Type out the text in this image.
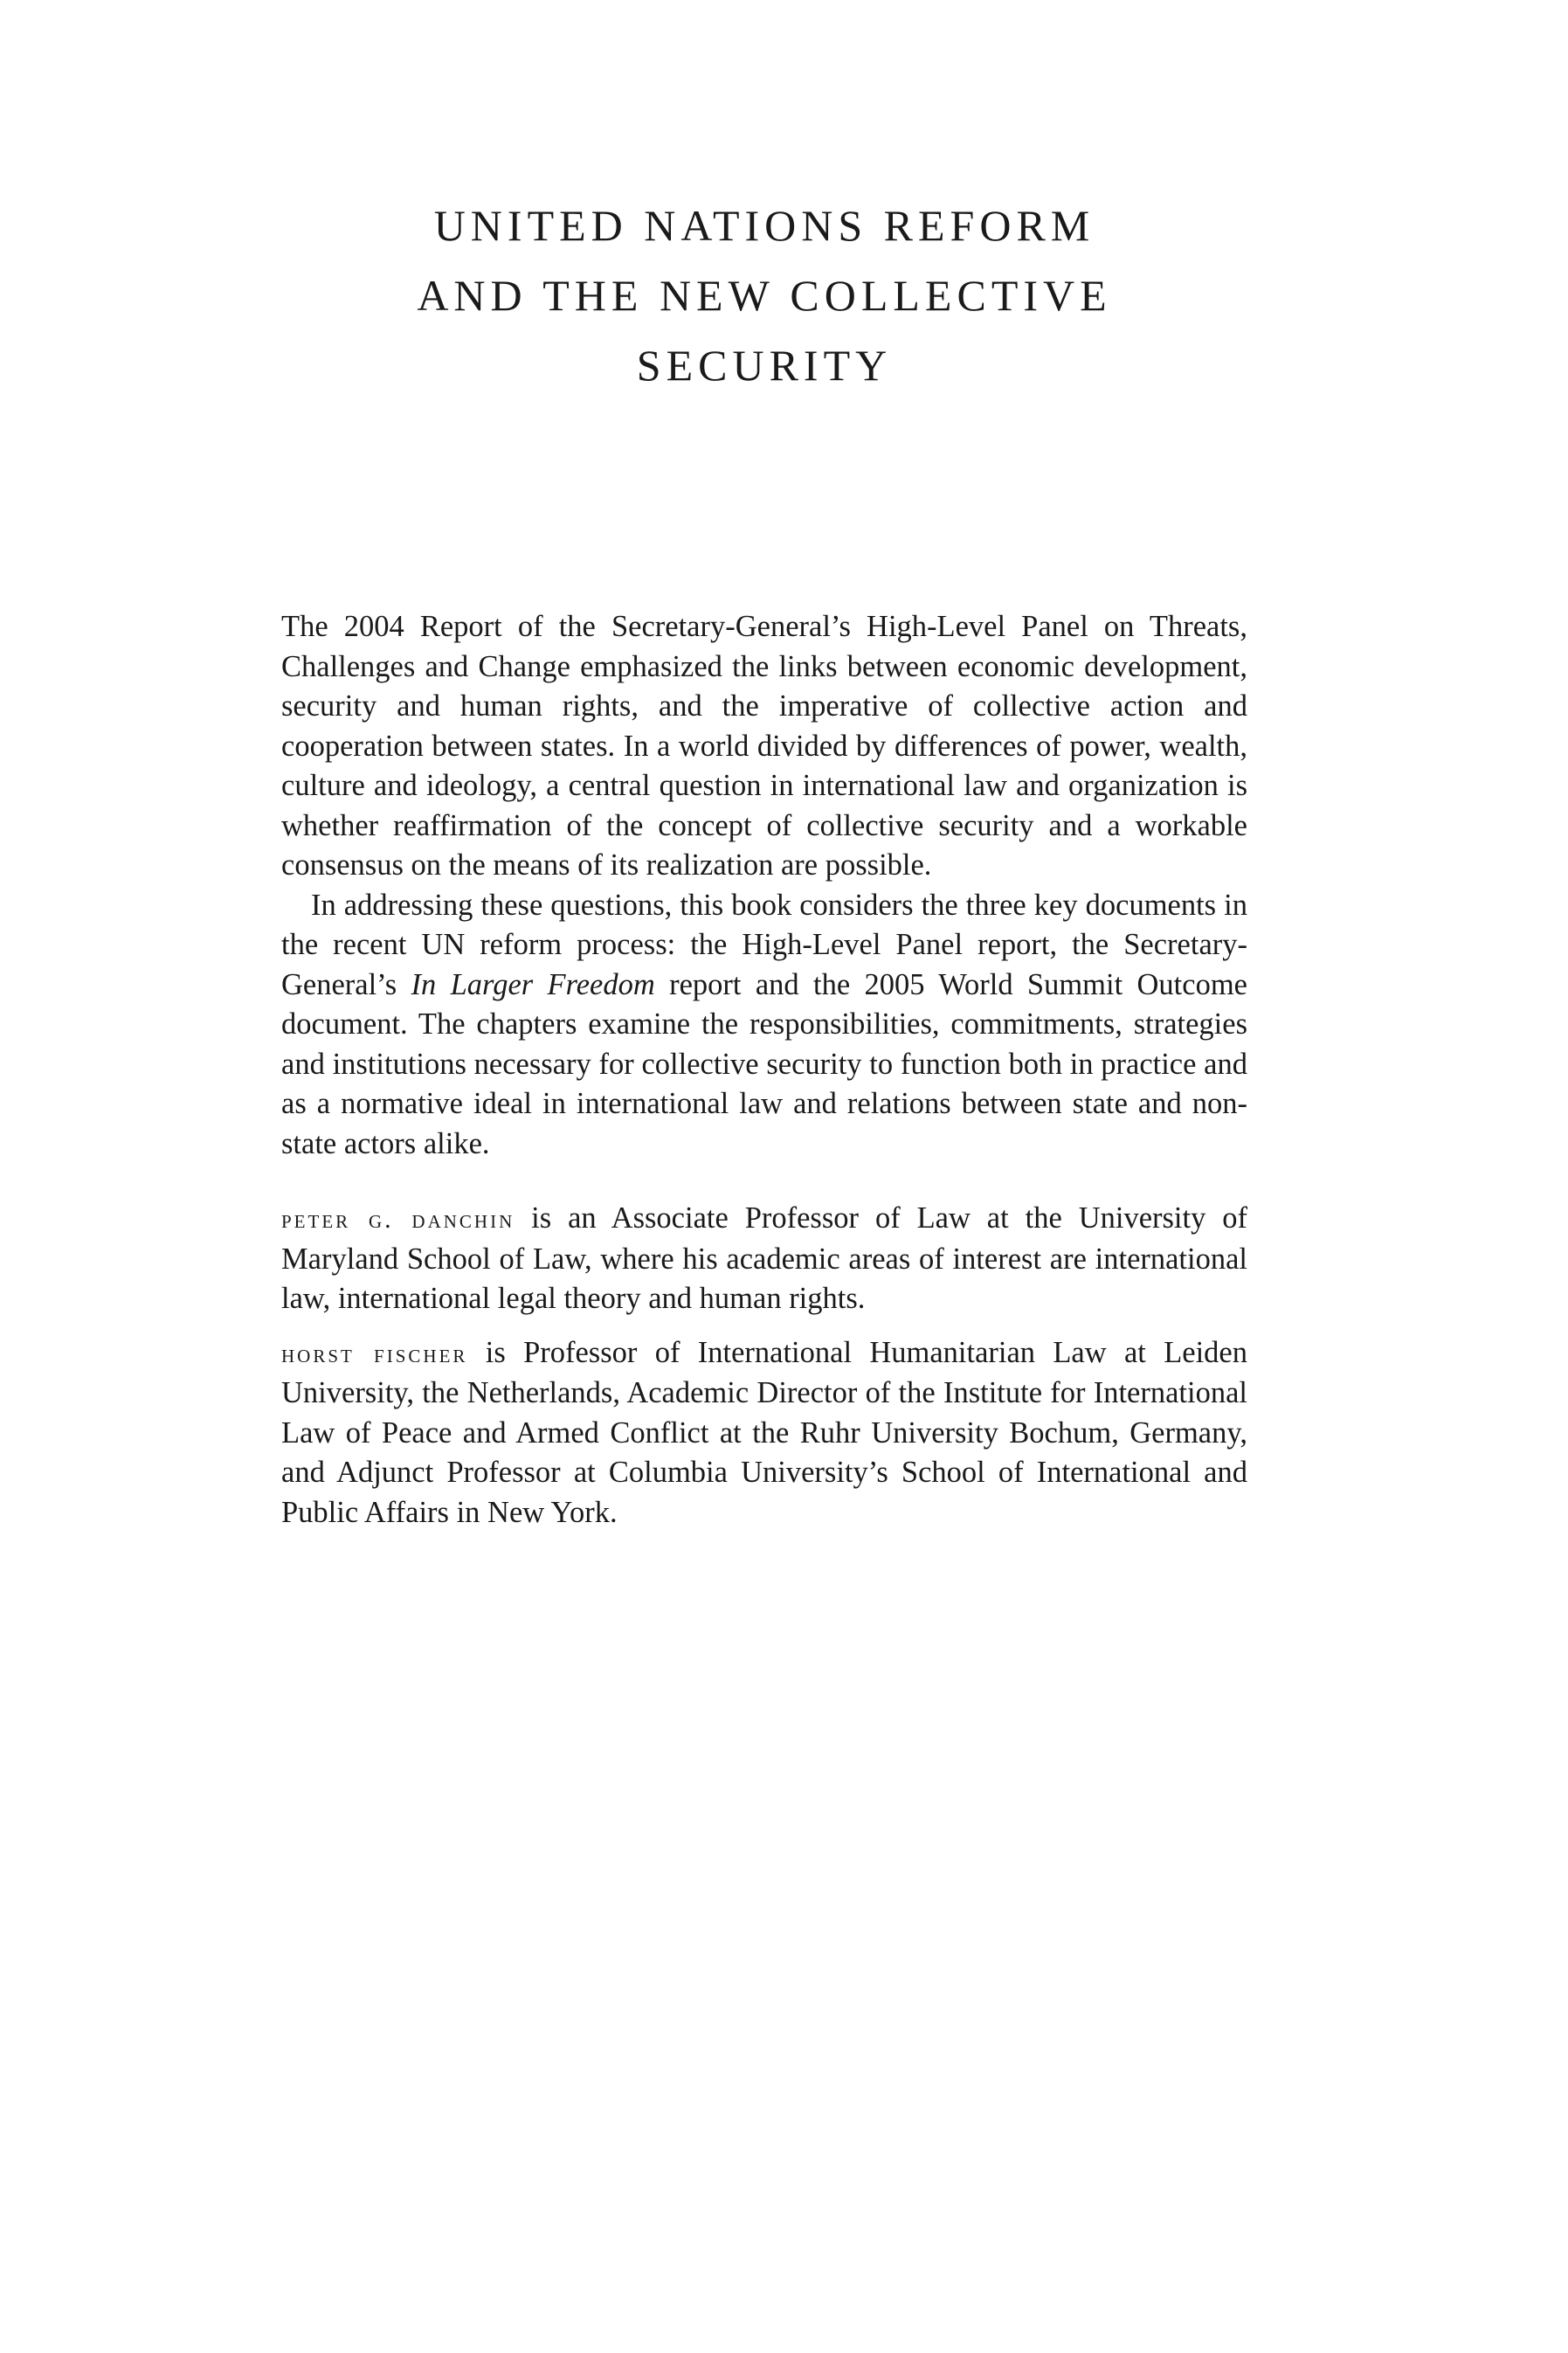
UNITED NATIONS REFORM
AND THE NEW COLLECTIVE
SECURITY

The 2004 Report of the Secretary-General’s High-Level Panel on Threats, Challenges and Change emphasized the links between economic development, security and human rights, and the imperative of collective action and cooperation between states. In a world divided by differences of power, wealth, culture and ideology, a central question in international law and organization is whether reaffirmation of the concept of collective security and a workable consensus on the means of its realization are possible.

In addressing these questions, this book considers the three key documents in the recent UN reform process: the High-Level Panel report, the Secretary-General’s In Larger Freedom report and the 2005 World Summit Outcome document. The chapters examine the responsibilities, commitments, strategies and institutions necessary for collective security to function both in practice and as a normative ideal in international law and relations between state and non-state actors alike.

peter g. danchin is an Associate Professor of Law at the University of Maryland School of Law, where his academic areas of interest are international law, international legal theory and human rights.

horst fischer is Professor of International Humanitarian Law at Leiden University, the Netherlands, Academic Director of the Institute for International Law of Peace and Armed Conflict at the Ruhr University Bochum, Germany, and Adjunct Professor at Columbia University’s School of International and Public Affairs in New York.
